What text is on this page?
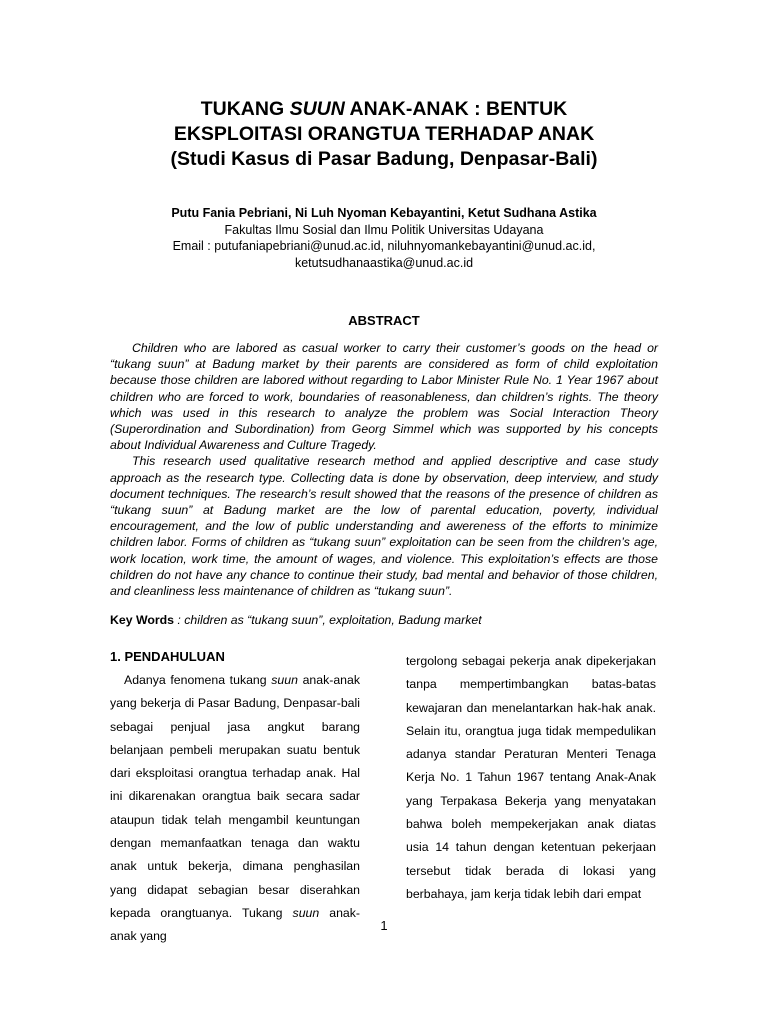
TUKANG SUUN ANAK-ANAK : BENTUK
EKSPLOITASI ORANGTUA TERHADAP ANAK
(Studi Kasus di Pasar Badung, Denpasar-Bali)
Putu Fania Pebriani, Ni Luh Nyoman Kebayantini, Ketut Sudhana Astika
Fakultas Ilmu Sosial dan Ilmu Politik Universitas Udayana
Email : putufaniapebriani@unud.ac.id, niluhnyomankebayantini@unud.ac.id,
ketutsudhanaastika@unud.ac.id
ABSTRACT

Children who are labored as casual worker to carry their customer’s goods on the head or “tukang suun” at Badung market by their parents are considered as form of child exploitation because those children are labored without regarding to Labor Minister Rule No. 1 Year 1967 about children who are forced to work, boundaries of reasonableness, dan children’s rights. The theory which was used in this research to analyze the problem was Social Interaction Theory (Superordination and Subordination) from Georg Simmel which was supported by his concepts about Individual Awareness and Culture Tragedy.

This research used qualitative research method and applied descriptive and case study approach as the research type. Collecting data is done by observation, deep interview, and study document techniques. The research’s result showed that the reasons of the presence of children as “tukang suun” at Badung market are the low of parental education, poverty, individual encouragement, and the low of public understanding and awereness of the efforts to minimize children labor. Forms of children as “tukang suun” exploitation can be seen from the children’s age, work location, work time, the amount of wages, and violence. This exploitation’s effects are those children do not have any chance to continue their study, bad mental and behavior of those children, and cleanliness less maintenance of children as “tukang suun”.

Key Words : children as “tukang suun”, exploitation, Badung market
1. PENDAHULUAN

Adanya fenomena tukang suun anak-anak yang bekerja di Pasar Badung, Denpasar-bali sebagai penjual jasa angkut barang belanjaan pembeli merupakan suatu bentuk dari eksploitasi orangtua terhadap anak. Hal ini dikarenakan orangtua baik secara sadar ataupun tidak telah mengambil keuntungan dengan memanfaatkan tenaga dan waktu anak untuk bekerja, dimana penghasilan yang didapat sebagian besar diserahkan kepada orangtuanya. Tukang suun anak-anak yang

tergolong sebagai pekerja anak dipekerjakan tanpa mempertimbangkan batas-batas kewajaran dan menelantarkan hak-hak anak. Selain itu, orangtua juga tidak mempedulikan adanya standar Peraturan Menteri Tenaga Kerja No. 1 Tahun 1967 tentang Anak-Anak yang Terpakasa Bekerja yang menyatakan bahwa boleh mempekerjakan anak diatas usia 14 tahun dengan ketentuan pekerjaan tersebut tidak berada di lokasi yang berbahaya, jam kerja tidak lebih dari empat

1
